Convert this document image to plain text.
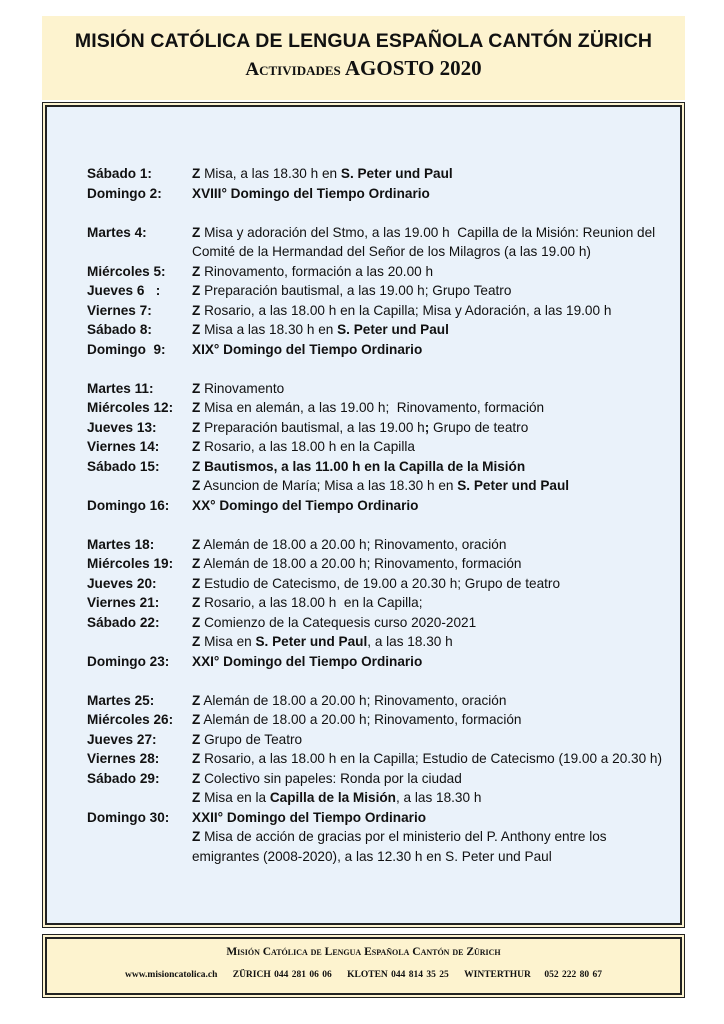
MISIÓN CATÓLICA DE LENGUA ESPAÑOLA CANTÓN ZÜRICH
Actividades AGOSTO 2020
Sábado 1:	Z Misa, a las 18.30 h en S. Peter und Paul
Domingo 2:	XVIII° Domingo del Tiempo Ordinario
Martes 4:	Z Misa y adoración del Stmo, a las 19.00 h  Capilla de la Misión: Reunion del
Comité de la Hermandad del Señor de los Milagros (a las 19.00 h)
Miércoles 5:	Z Rinovamento, formación a las 20.00 h
Jueves 6   :	Z Preparación bautismal, a las 19.00 h; Grupo Teatro
Viernes 7:	Z Rosario, a las 18.00 h en la Capilla; Misa y Adoración, a las 19.00 h
Sábado 8:	Z Misa a las 18.30 h en S. Peter und Paul
Domingo  9:	XIX° Domingo del Tiempo Ordinario
Martes 11:	Z Rinovamento
Miércoles 12:	Z Misa en alemán, a las 19.00 h;  Rinovamento, formación
Jueves 13:	Z Preparación bautismal, a las 19.00 h; Grupo de teatro
Viernes 14:	Z Rosario, a las 18.00 h en la Capilla
Sábado 15:	Z Bautismos, a las 11.00 h en la Capilla de la Misión
Z Asuncion de María; Misa a las 18.30 h en S. Peter und Paul
Domingo 16:	XX° Domingo del Tiempo Ordinario
Martes 18:	Z Alemán de 18.00 a 20.00 h; Rinovamento, oración
Miércoles 19:	Z Alemán de 18.00 a 20.00 h; Rinovamento, formación
Jueves 20:	Z Estudio de Catecismo, de 19.00 a 20.30 h; Grupo de teatro
Viernes 21:	Z Rosario, a las 18.00 h  en la Capilla;
Sábado 22:	Z Comienzo de la Catequesis curso 2020-2021
Z Misa en S. Peter und Paul, a las 18.30 h
Domingo 23:	XXI° Domingo del Tiempo Ordinario
Martes 25:	Z Alemán de 18.00 a 20.00 h; Rinovamento, oración
Miércoles 26:	Z Alemán de 18.00 a 20.00 h; Rinovamento, formación
Jueves 27:	Z Grupo de Teatro
Viernes 28:	Z Rosario, a las 18.00 h en la Capilla; Estudio de Catecismo (19.00 a 20.30 h)
Sábado 29:	Z Colectivo sin papeles: Ronda por la ciudad
Z Misa en la Capilla de la Misión, a las 18.30 h
Domingo 30:	XXII° Domingo del Tiempo Ordinario
Z Misa de acción de gracias por el ministerio del P. Anthony entre los
emigrantes (2008-2020), a las 12.30 h en S. Peter und Paul
Misión Católica de Lengua Española Cantón de Zürich
www.misioncatolica.ch ZÜRICH 044 281 06 06 KLOTEN 044 814 35 25 WINTERTHUR    052 222 80 67
